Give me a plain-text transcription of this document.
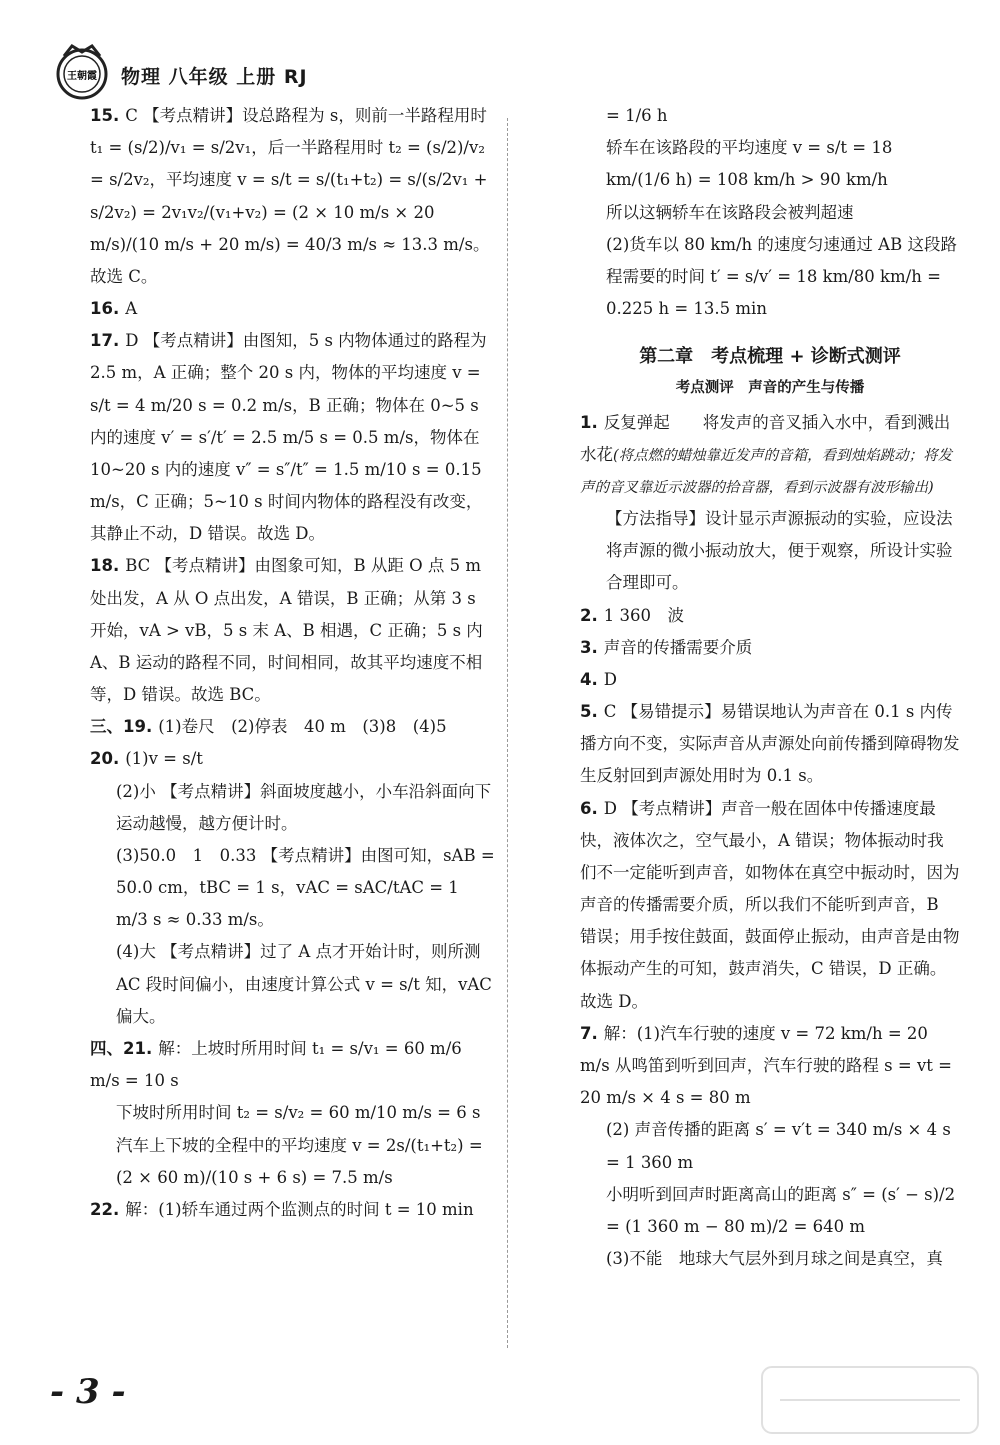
王朝霞 物理 八年级 上册 RJ
15. C 【考点精讲】设总路程为 s，则前一半路程用时 t₁ = (s/2)/v₁ = s/2v₁，后一半路程用时 t₂ = (s/2)/v₂ = s/2v₂，平均速度 v = s/t = s/(t₁+t₂) = s/(s/2v₁ + s/2v₂) = 2v₁v₂/(v₁+v₂) = (2 × 10 m/s × 20 m/s)/(10 m/s + 20 m/s) = 40/3 m/s ≈ 13.3 m/s。故选 C。
16. A
17. D 【考点精讲】由图知，5 s 内物体通过的路程为 2.5 m，A 正确；整个 20 s 内，物体的平均速度 v = s/t = 4 m/20 s = 0.2 m/s，B 正确；物体在 0~5 s 内的速度 v′ = s′/t′ = 2.5 m/5 s = 0.5 m/s，物体在 10~20 s 内的速度 v″ = s″/t″ = 1.5 m/10 s = 0.15 m/s，C 正确；5~10 s 时间内物体的路程没有改变，其静止不动，D 错误。故选 D。
18. BC 【考点精讲】由图象可知，B 从距 O 点 5 m 处出发，A 从 O 点出发，A 错误，B 正确；从第 3 s 开始，vA > vB，5 s 末 A、B 相遇，C 正确；5 s 内 A、B 运动的路程不同，时间相同，故其平均速度不相等，D 错误。故选 BC。
三、19. (1)卷尺　(2)停表　40 m　(3)8　(4)5
20. (1)v = s/t
(2)小 【考点精讲】斜面坡度越小，小车沿斜面向下运动越慢，越方便计时。
(3)50.0　1　0.33 【考点精讲】由图可知，sAB = 50.0 cm，tBC = 1 s，vAC = sAC/tAC = 1 m/3 s ≈ 0.33 m/s。
(4)大 【考点精讲】过了 A 点才开始计时，则所测 AC 段时间偏小，由速度计算公式 v = s/t 知，vAC 偏大。
四、21. 解：上坡时所用时间 t₁ = s/v₁ = 60 m/6 m/s = 10 s
下坡时所用时间 t₂ = s/v₂ = 60 m/10 m/s = 6 s
汽车上下坡的全程中的平均速度 v = 2s/(t₁+t₂) = (2 × 60 m)/(10 s + 6 s) = 7.5 m/s
22. 解：(1)轿车通过两个监测点的时间 t = 10 min
= 1/6 h
轿车在该路段的平均速度 v = s/t = 18 km/(1/6 h) = 108 km/h > 90 km/h
所以这辆轿车在该路段会被判超速
(2)货车以 80 km/h 的速度匀速通过 AB 这段路程需要的时间 t′ = s/v′ = 18 km/80 km/h = 0.225 h = 13.5 min
第二章　考点梳理 + 诊断式测评
考点测评　声音的产生与传播
1. 反复弹起　　将发声的音叉插入水中，看到溅出水花(将点燃的蜡烛靠近发声的音箱，看到烛焰跳动；将发声的音叉靠近示波器的拾音器，看到示波器有波形输出)
【方法指导】设计显示声源振动的实验，应设法将声源的微小振动放大，便于观察，所设计实验合理即可。
2. 1 360　波
3. 声音的传播需要介质
4. D
5. C 【易错提示】易错误地认为声音在 0.1 s 内传播方向不变，实际声音从声源处向前传播到障碍物发生反射回到声源处用时为 0.1 s。
6. D 【考点精讲】声音一般在固体中传播速度最快，液体次之，空气最小，A 错误；物体振动时我们不一定能听到声音，如物体在真空中振动时，因为声音的传播需要介质，所以我们不能听到声音，B 错误；用手按住鼓面，鼓面停止振动，由声音是由物体振动产生的可知，鼓声消失，C 错误，D 正确。故选 D。
7. 解：(1)汽车行驶的速度 v = 72 km/h = 20 m/s 从鸣笛到听到回声，汽车行驶的路程 s = vt = 20 m/s × 4 s = 80 m
(2) 声音传播的距离 s′ = v′t = 340 m/s × 4 s = 1 360 m
小明听到回声时距离高山的距离 s″ = (s′ − s)/2 = (1 360 m − 80 m)/2 = 640 m
(3)不能　地球大气层外到月球之间是真空，真
- 3 -
